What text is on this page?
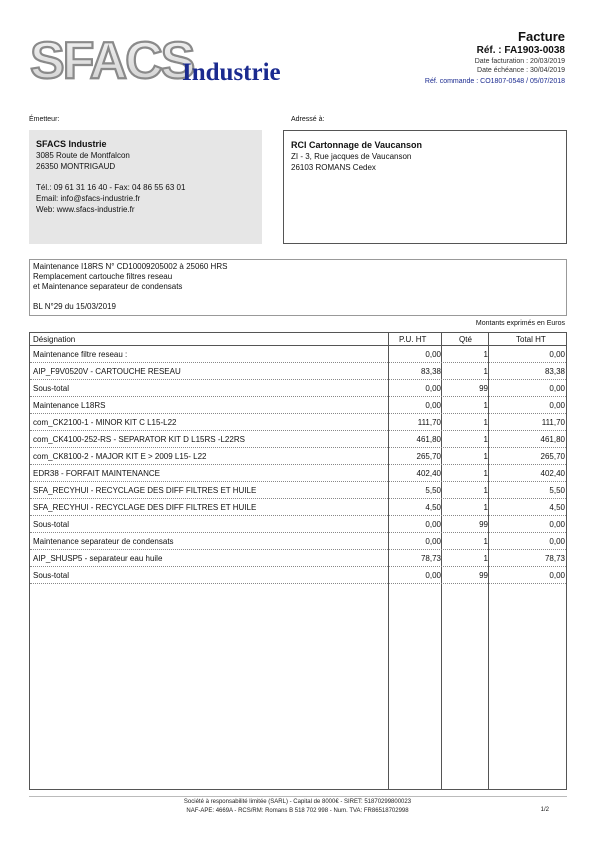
SFACS
Industrie
Facture
Réf. : FA1903-0038
Date facturation : 20/03/2019
Date échéance : 30/04/2019
Réf. commande : CO1807-0548 / 05/07/2018
Émetteur:	Adressé à:
SFACS Industrie
3085 Route de Montfalcon
26350 MONTRIGAUD
Tél.: 09 61 31 16 40 - Fax: 04 86 55 63 01
Email: info@sfacs-industrie.fr
Web: www.sfacs-industrie.fr
RCI Cartonnage de Vaucanson
ZI - 3, Rue jacques de Vaucanson
26103 ROMANS Cedex
Maintenance I18RS N° CD10009205002 à 25060 HRS
Remplacement cartouche filtres reseau
et Maintenance separateur de condensats
BL N°29 du 15/03/2019
Montants exprimés en Euros
Désignation	P.U. HT	Qté	Total HT
Maintenance filtre reseau :	0,00	1	0,00
AIP_F9V0520V - CARTOUCHE RESEAU	83,38	1	83,38
Sous-total	0,00	99	0,00
Maintenance L18RS	0,00	1	0,00
com_CK2100-1 - MINOR KIT C L15-L22	111,70	1	111,70
com_CK4100-252-RS - SEPARATOR KIT D L15RS -L22RS	461,80	1	461,80
com_CK8100-2 - MAJOR KIT E > 2009 L15- L22	265,70	1	265,70
EDR38 - FORFAIT MAINTENANCE	402,40	1	402,40
SFA_RECYHUI - RECYCLAGE DES DIFF FILTRES ET HUILE	5,50	1	5,50
SFA_RECYHUI - RECYCLAGE DES DIFF FILTRES ET HUILE	4,50	1	4,50
Sous-total	0,00	99	0,00
Maintenance separateur de condensats	0,00	1	0,00
AIP_SHUSP5 - separateur eau huile	78,73	1	78,73
Sous-total	0,00	99	0,00
Société à responsabilité limitée (SARL) - Capital de 8000€ - SIRET: 51870299800023
NAF-APE: 4669A - RCS/RM: Romans B 518 702 998 - Num. TVA: FR86518702998	1/2
